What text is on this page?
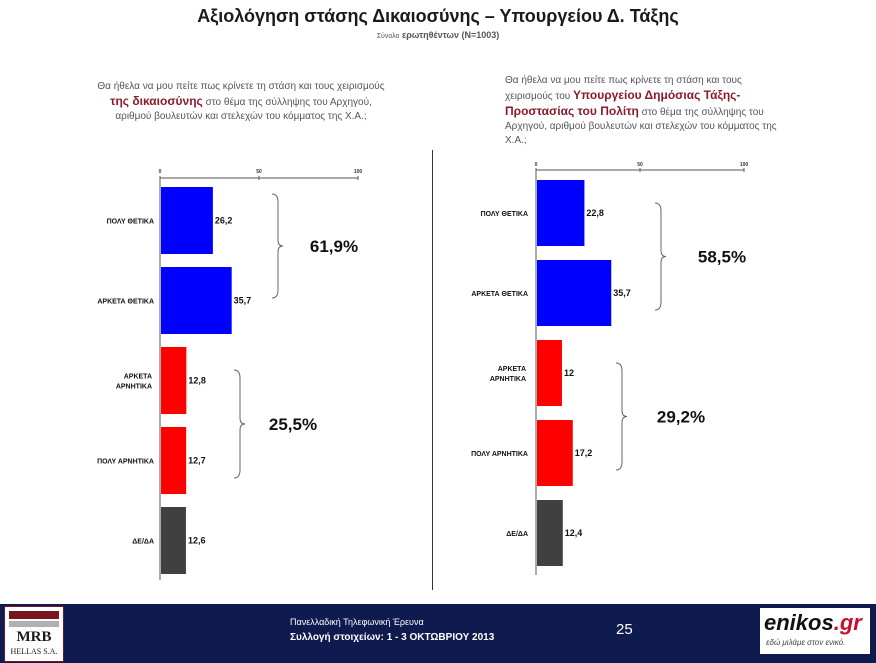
Αξιολόγηση στάσης Δικαιοσύνης – Υπουργείου Δ. Τάξης
Σύνολο ερωτηθέντων (N=1003)
Θα ήθελα να μου πείτε πως κρίνετε τη στάση και τους χειρισμούς της δικαιοσύνης στο θέμα της σύλληψης του Αρχηγού, αριθμού βουλευτών και στελεχών του κόμματος της Χ.Α.;
Θα ήθελα να μου πείτε πως κρίνετε τη στάση και τους χειρισμούς του Υπουργείου Δημόσιας Τάξης- Προστασίας του Πολίτη στο θέμα της σύλληψης του Αρχηγού, αριθμού βουλευτών και στελεχών του κόμματος της Χ.Α.;
0	50	100
26,2
ΠΟΛΥ ΘΕΤΙΚΑ
35,7
ΑΡΚΕΤΑ ΘΕΤΙΚΑ
12,8
ΑΡΚΕΤΑ ΑΡΝΗΤΙΚΑ
12,7
ΠΟΛΥ ΑΡΝΗΤΙΚΑ
12,6
ΔΕ/ΔΑ
61,9%
25,5%
0	50	100
22,8
ΠΟΛΥ ΘΕΤΙΚΑ
35,7
ΑΡΚΕΤΑ ΘΕΤΙΚΑ
12
ΑΡΚΕΤΑ ΑΡΝΗΤΙΚΑ
17,2
ΠΟΛΥ ΑΡΝΗΤΙΚΑ
12,4
ΔΕ/ΔΑ
58,5%
29,2%
MRB
HELLAS S.A.
Πανελλαδική Τηλεφωνική Έρευνα
Συλλογή στοιχείων: 1 - 3 ΟΚΤΩΒΡΙΟΥ 2013	25	enikos.gr
εδώ μιλάμε στον ενικό.
